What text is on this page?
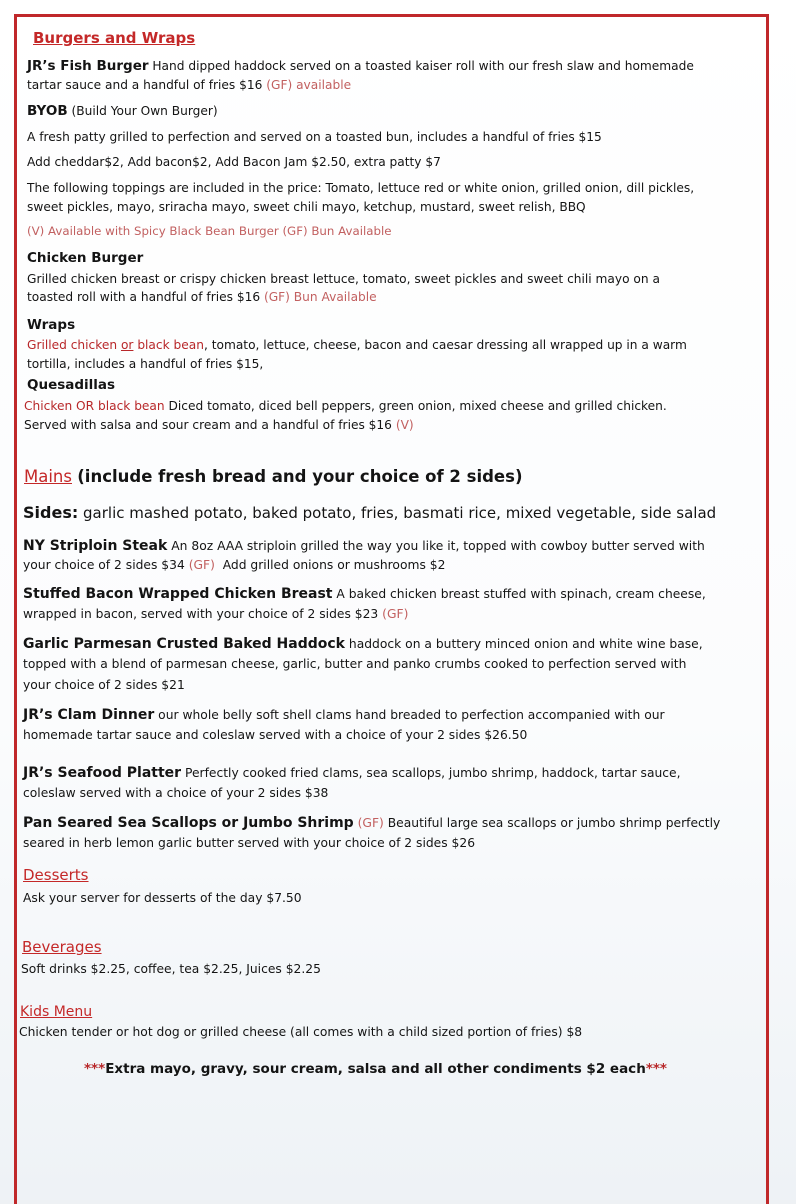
Burgers and Wraps
JR’s Fish Burger Hand dipped haddock served on a toasted kaiser roll with our fresh slaw and homemade
tartar sauce and a handful of fries $16 (GF) available
BYOB (Build Your Own Burger)
A fresh patty grilled to perfection and served on a toasted bun, includes a handful of fries $15
Add cheddar$2, Add bacon$2, Add Bacon Jam $2.50, extra patty $7
The following toppings are included in the price: Tomato, lettuce red or white onion, grilled onion, dill pickles,
sweet pickles, mayo, sriracha mayo, sweet chili mayo, ketchup, mustard, sweet relish, BBQ
(V) Available with Spicy Black Bean Burger (GF) Bun Available
Chicken Burger
Grilled chicken breast or crispy chicken breast lettuce, tomato, sweet pickles and sweet chili mayo on a
toasted roll with a handful of fries $16 (GF) Bun Available
Wraps
Grilled chicken or black bean, tomato, lettuce, cheese, bacon and caesar dressing all wrapped up in a warm
tortilla, includes a handful of fries $15,
Quesadillas
Chicken OR black bean Diced tomato, diced bell peppers, green onion, mixed cheese and grilled chicken.
Served with salsa and sour cream and a handful of fries $16 (V)
Mains (include fresh bread and your choice of 2 sides)
Sides: garlic mashed potato, baked potato, fries, basmati rice, mixed vegetable, side salad
NY Striploin Steak An 8oz AAA striploin grilled the way you like it, topped with cowboy butter served with
your choice of 2 sides $34 (GF) Add grilled onions or mushrooms $2
Stuffed Bacon Wrapped Chicken Breast A baked chicken breast stuffed with spinach, cream cheese,
wrapped in bacon, served with your choice of 2 sides $23 (GF)
Garlic Parmesan Crusted Baked Haddock haddock on a buttery minced onion and white wine base,
topped with a blend of parmesan cheese, garlic, butter and panko crumbs cooked to perfection served with
your choice of 2 sides $21
JR’s Clam Dinner our whole belly soft shell clams hand breaded to perfection accompanied with our
homemade tartar sauce and coleslaw served with a choice of your 2 sides $26.50
JR’s Seafood Platter Perfectly cooked fried clams, sea scallops, jumbo shrimp, haddock, tartar sauce,
coleslaw served with a choice of your 2 sides $38
Pan Seared Sea Scallops or Jumbo Shrimp (GF) Beautiful large sea scallops or jumbo shrimp perfectly
seared in herb lemon garlic butter served with your choice of 2 sides $26
Desserts
Ask your server for desserts of the day $7.50
Beverages
Soft drinks $2.25, coffee, tea $2.25, Juices $2.25
Kids Menu
Chicken tender or hot dog or grilled cheese (all comes with a child sized portion of fries) $8
***Extra mayo, gravy, sour cream, salsa and all other condiments $2 each***
